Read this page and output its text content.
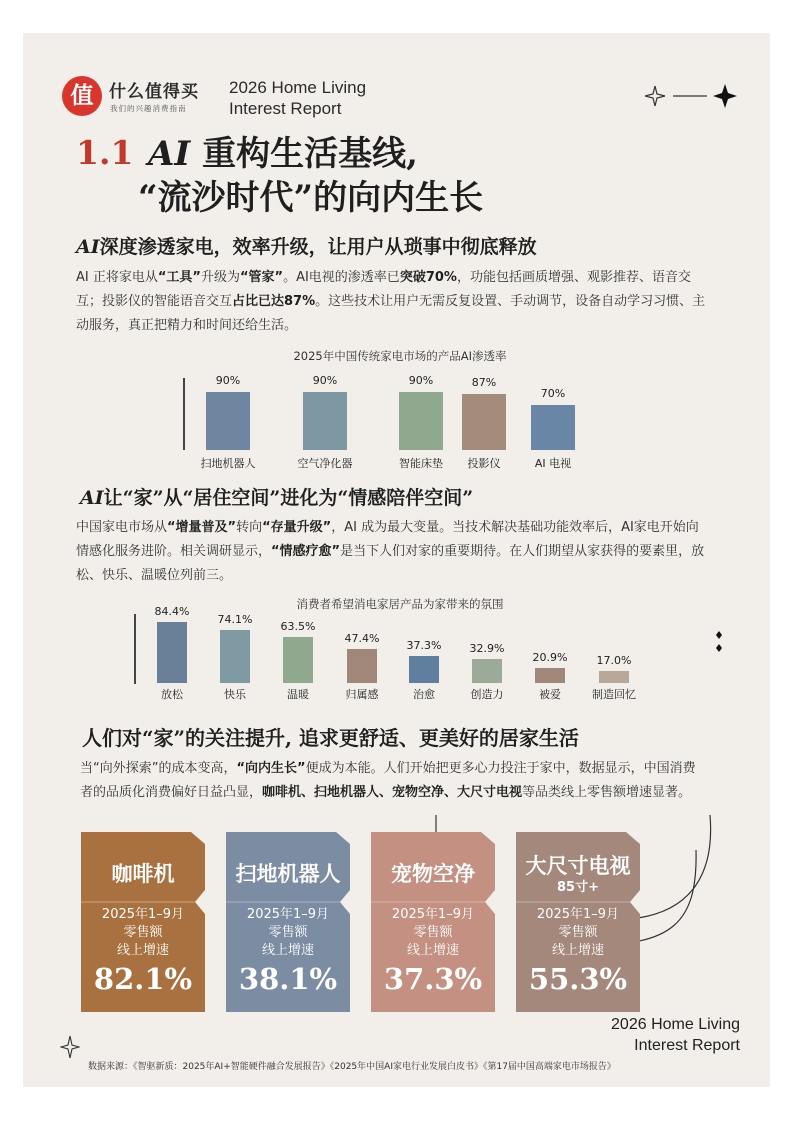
值 什么值得买
我们的兴趣消费指南
2026 Home Living
Interest Report
1.1 AI 重构生活基线,
“流沙时代”的向内生长
AI深度渗透家电，效率升级，让用户从琐事中彻底释放
AI 正将家电从“工具”升级为“管家”。AI电视的渗透率已突破70%，功能包括画质增强、观影推荐、语音交互；投影仪的智能语音交互占比已达87%。这些技术让用户无需反复设置、手动调节，设备自动学习习惯、主动服务，真正把精力和时间还给生活。
2025年中国传统家电市场的产品AI渗透率
AI让“家”从“居住空间”进化为“情感陪伴空间”
中国家电市场从“增量普及”转向“存量升级”，AI 成为最大变量。当技术解决基础功能效率后，AI家电开始向情感化服务进阶。相关调研显示，“情感疗愈”是当下人们对家的重要期待。在人们期望从家获得的要素里，放松、快乐、温暖位列前三。
消费者希望消电家居产品为家带来的氛围
人们对“家”的关注提升, 追求更舒适、更美好的居家生活
当“向外探索”的成本变高，“向内生长”便成为本能。人们开始把更多心力投注于家中，数据显示，中国消费者的品质化消费偏好日益凸显，咖啡机、扫地机器人、宠物空净、大尺寸电视等品类线上零售额增速显著。
2026 Home Living
Interest Report
数据来源：《智驱新质：2025年AI+智能硬件融合发展报告》《2025年中国AI家电行业发展白皮书》《第17届中国高端家电市场报告》
90%
扫地机器人
90%
空气净化器
90%
智能床垫
87%
投影仪
70%
AI 电视
84.4%
放松
74.1%
快乐
63.5%
温暖
47.4%
归属感
37.3%
治愈
32.9%
创造力
20.9%
被爱
17.0%
制造回忆
咖啡机
2025年1–9月
零售额
线上增速
82.1%
扫地机器人
2025年1–9月
零售额
线上增速
38.1%
宠物空净
2025年1–9月
零售额
线上增速
37.3%
大尺寸电视
85寸+
2025年1–9月
零售额
线上增速
55.3%
